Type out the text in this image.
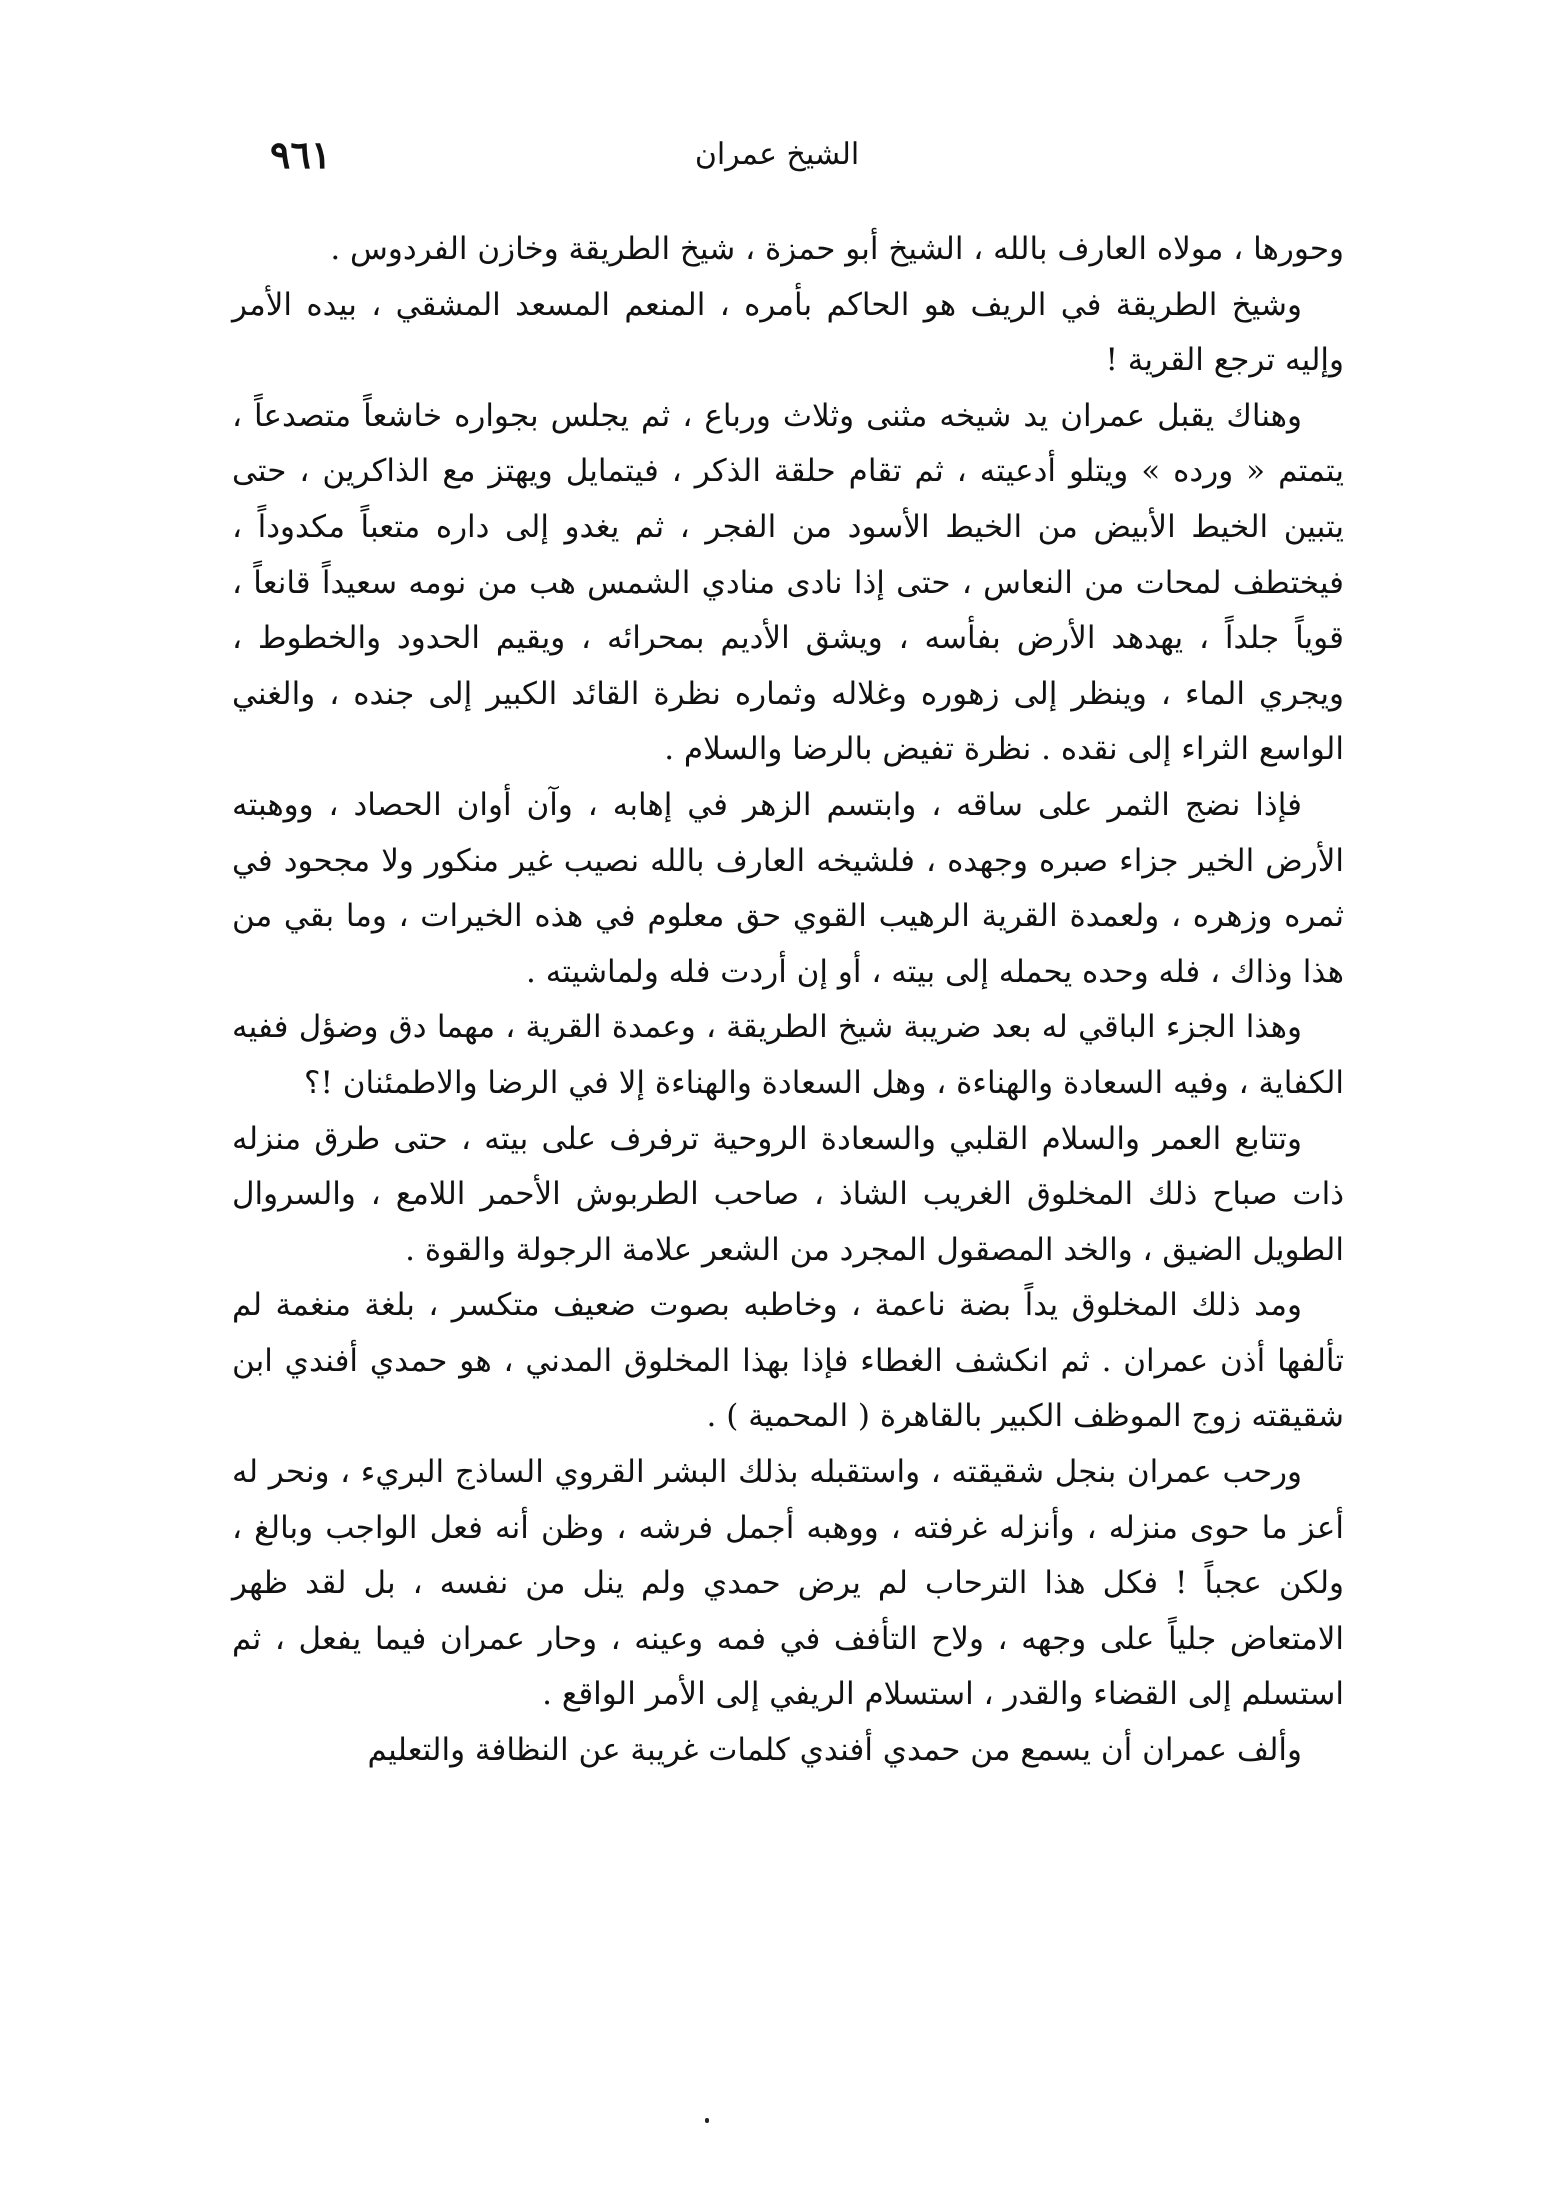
الشيخ عمران
٩٦١

وحورها ، مولاه العارف بالله ، الشيخ أبو حمزة ، شيخ الطريقة وخازن الفردوس .

وشيخ الطريقة في الريف هو الحاكم بأمره ، المنعم المسعد المشقي ، بيده الأمر وإليه ترجع القرية !

وهناك يقبل عمران يد شيخه مثنى وثلاث ورباع ، ثم يجلس بجواره خاشعاً متصدعاً ، يتمتم « ورده » ويتلو أدعيته ، ثم تقام حلقة الذكر ، فيتمايل ويهتز مع الذاكرين ، حتى يتبين الخيط الأبيض من الخيط الأسود من الفجر ، ثم يغدو إلى داره متعباً مكدوداً ، فيختطف لمحات من النعاس ، حتى إذا نادى منادي الشمس هب من نومه سعيداً قانعاً ، قوياً جلداً ، يهدهد الأرض بفأسه ، ويشق الأديم بمحرائه ، ويقيم الحدود والخطوط ، ويجري الماء ، وينظر إلى زهوره وغلاله وثماره نظرة القائد الكبير إلى جنده ، والغني الواسع الثراء إلى نقده . نظرة تفيض بالرضا والسلام .

فإذا نضج الثمر على ساقه ، وابتسم الزهر في إهابه ، وآن أوان الحصاد ، ووهبته الأرض الخير جزاء صبره وجهده ، فلشيخه العارف بالله نصيب غير منكور ولا مجحود في ثمره وزهره ، ولعمدة القرية الرهيب القوي حق معلوم في هذه الخيرات ، وما بقي من هذا وذاك ، فله وحده يحمله إلى بيته ، أو إن أردت فله ولماشيته .

وهذا الجزء الباقي له بعد ضريبة شيخ الطريقة ، وعمدة القرية ، مهما دق وضؤل ففيه الكفاية ، وفيه السعادة والهناءة ، وهل السعادة والهناءة إلا في الرضا والاطمئنان !؟

وتتابع العمر والسلام القلبي والسعادة الروحية ترفرف على بيته ، حتى طرق منزله ذات صباح ذلك المخلوق الغريب الشاذ ، صاحب الطربوش الأحمر اللامع ، والسروال الطويل الضيق ، والخد المصقول المجرد من الشعر علامة الرجولة والقوة .

ومد ذلك المخلوق يداً بضة ناعمة ، وخاطبه بصوت ضعيف متكسر ، بلغة منغمة لم تألفها أذن عمران . ثم انكشف الغطاء فإذا بهذا المخلوق المدني ، هو حمدي أفندي ابن شقيقته زوج الموظف الكبير بالقاهرة ( المحمية ) .

ورحب عمران بنجل شقيقته ، واستقبله بذلك البشر القروي الساذج البريء ، ونحر له أعز ما حوى منزله ، وأنزله غرفته ، ووهبه أجمل فرشه ، وظن أنه فعل الواجب وبالغ ، ولكن عجباً ! فكل هذا الترحاب لم يرض حمدي ولم ينل من نفسه ، بل لقد ظهر الامتعاض جلياً على وجهه ، ولاح التأفف في فمه وعينه ، وحار عمران فيما يفعل ، ثم استسلم إلى القضاء والقدر ، استسلام الريفي إلى الأمر الواقع .

وألف عمران أن يسمع من حمدي أفندي كلمات غريبة عن النظافة والتعليم
